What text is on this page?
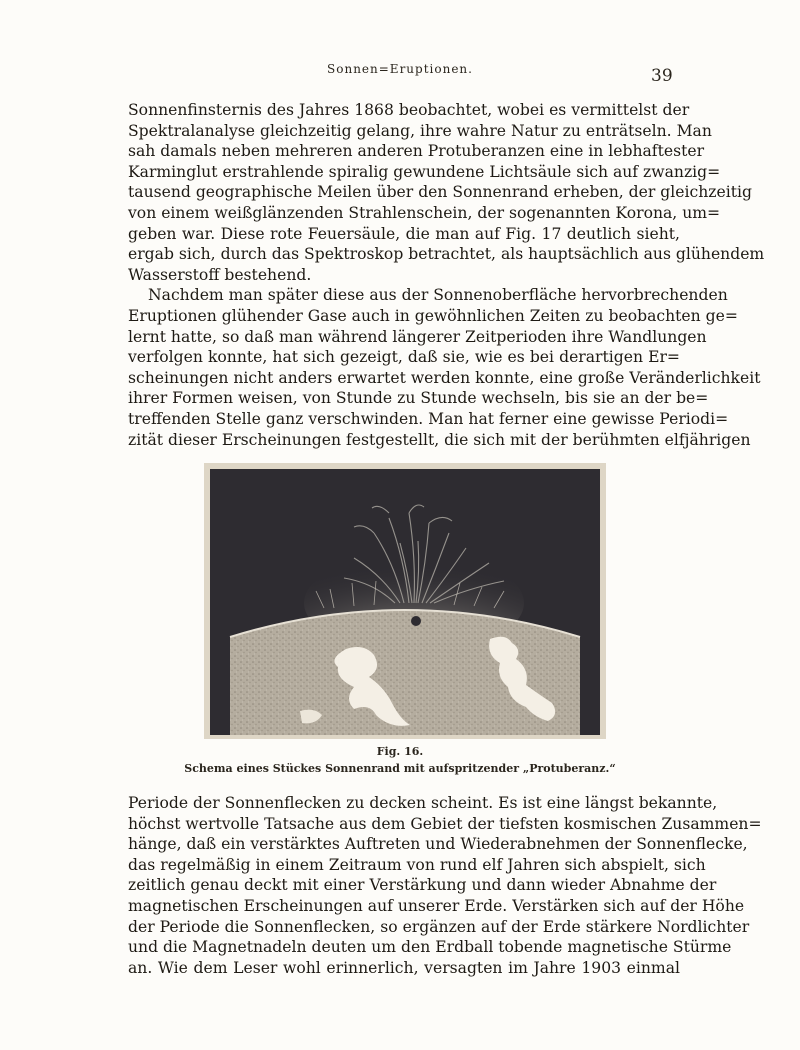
Sonnen=Eruptionen.	39
Sonnenfinsternis des Jahres 1868 beobachtet, wobei es vermittelst der
Spektralanalyse gleichzeitig gelang, ihre wahre Natur zu enträtseln. Man
sah damals neben mehreren anderen Protuberanzen eine in lebhaftester
Karminglut erstrahlende spiralig gewundene Lichtsäule sich auf zwanzig=
tausend geographische Meilen über den Sonnenrand erheben, der gleichzeitig
von einem weißglänzenden Strahlenschein, der sogenannten Korona, um=
geben war. Diese rote Feuersäule, die man auf Fig. 17 deutlich sieht,
ergab sich, durch das Spektroskop betrachtet, als hauptsächlich aus glühendem
Wasserstoff bestehend.
Nachdem man später diese aus der Sonnenoberfläche hervorbrechenden
Eruptionen glühender Gase auch in gewöhnlichen Zeiten zu beobachten ge=
lernt hatte, so daß man während längerer Zeitperioden ihre Wandlungen
verfolgen konnte, hat sich gezeigt, daß sie, wie es bei derartigen Er=
scheinungen nicht anders erwartet werden konnte, eine große Veränderlichkeit
ihrer Formen weisen, von Stunde zu Stunde wechseln, bis sie an der be=
treffenden Stelle ganz verschwinden. Man hat ferner eine gewisse Periodi=
zität dieser Erscheinungen festgestellt, die sich mit der berühmten elfjährigen
Fig. 16.
Schema eines Stückes Sonnenrand mit aufspritzender „Protuberanz.“
Periode der Sonnenflecken zu decken scheint. Es ist eine längst bekannte,
höchst wertvolle Tatsache aus dem Gebiet der tiefsten kosmischen Zusammen=
hänge, daß ein verstärktes Auftreten und Wiederabnehmen der Sonnenflecke,
das regelmäßig in einem Zeitraum von rund elf Jahren sich abspielt, sich
zeitlich genau deckt mit einer Verstärkung und dann wieder Abnahme der
magnetischen Erscheinungen auf unserer Erde. Verstärken sich auf der Höhe
der Periode die Sonnenflecken, so ergänzen auf der Erde stärkere Nordlichter
und die Magnetnadeln deuten um den Erdball tobende magnetische Stürme
an. Wie dem Leser wohl erinnerlich, versagten im Jahre 1903 einmal
